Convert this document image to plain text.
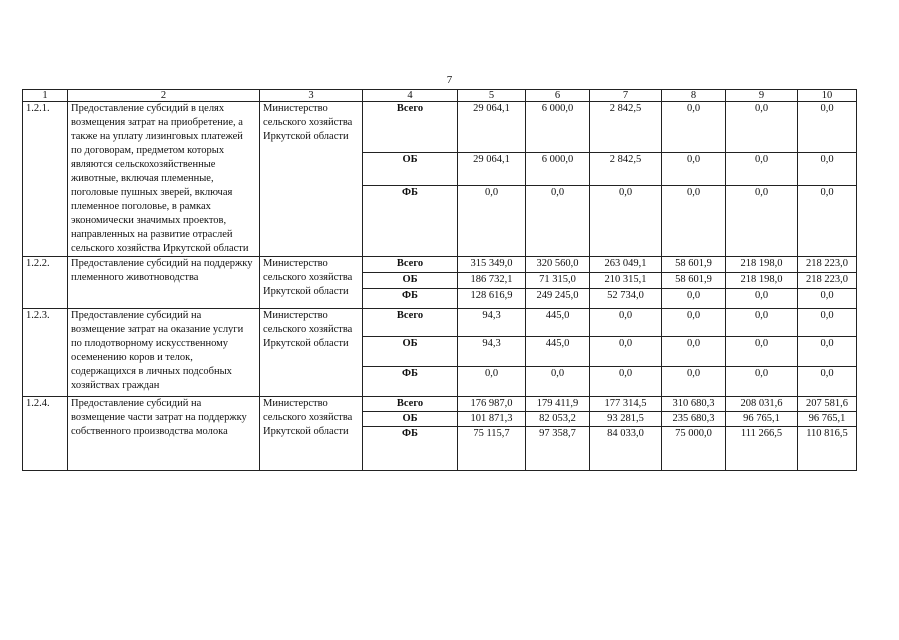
7
1	2	3	4	5	6	7	8	9	10
1.2.1.	Предоставление субсидий в целях возмещения затрат на приобретение, а также на уплату лизинговых платежей по договорам, предметом которых являются сельскохозяйственные животные, включая племенные, поголовые пушных зверей, включая племенное поголовье, в рамках экономически значимых проектов, направленных на развитие отраслей сельского хозяйства Иркутской области	Министерство сельского хозяйства Иркутской области	Всего	29 064,1	6 000,0	2 842,5	0,0	0,0	0,0
			ОБ	29 064,1	6 000,0	2 842,5	0,0	0,0	0,0
			ФБ	0,0	0,0	0,0	0,0	0,0	0,0
1.2.2.	Предоставление субсидий на поддержку племенного животноводства	Министерство сельского хозяйства Иркутской области	Всего	315 349,0	320 560,0	263 049,1	58 601,9	218 198,0	218 223,0
			ОБ	186 732,1	71 315,0	210 315,1	58 601,9	218 198,0	218 223,0
			ФБ	128 616,9	249 245,0	52 734,0	0,0	0,0	0,0
1.2.3.	Предоставление субсидий на возмещение затрат на оказание услуги по плодотворному искусственному осеменению коров и телок, содержащихся в личных подсобных хозяйствах граждан	Министерство сельского хозяйства Иркутской области	Всего	94,3	445,0	0,0	0,0	0,0	0,0
			ОБ	94,3	445,0	0,0	0,0	0,0	0,0
			ФБ	0,0	0,0	0,0	0,0	0,0	0,0
1.2.4.	Предоставление субсидий на возмещение части затрат на поддержку собственного производства молока	Министерство сельского хозяйства Иркутской области	Всего	176 987,0	179 411,9	177 314,5	310 680,3	208 031,6	207 581,6
			ОБ	101 871,3	82 053,2	93 281,5	235 680,3	96 765,1	96 765,1
			ФБ	75 115,7	97 358,7	84 033,0	75 000,0	111 266,5	110 816,5
